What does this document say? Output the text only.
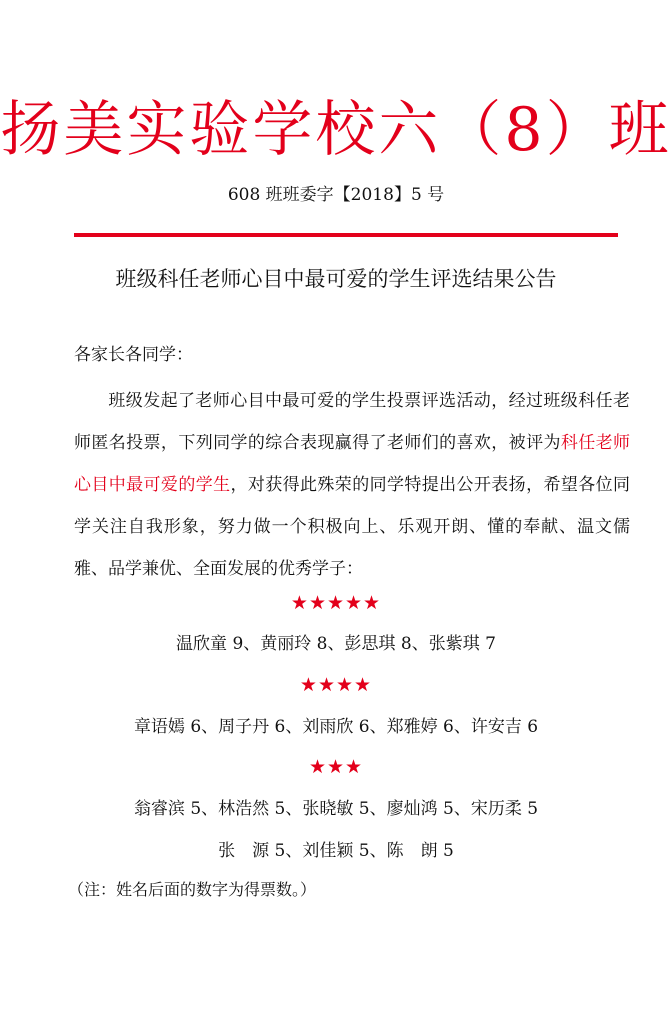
扬美实验学校六（8）班
608 班班委字【2018】5 号
班级科任老师心目中最可爱的学生评选结果公告
各家长各同学：
班级发起了老师心目中最可爱的学生投票评选活动，经过班级科任老师匿名投票，下列同学的综合表现赢得了老师们的喜欢，被评为科任老师心目中最可爱的学生，对获得此殊荣的同学特提出公开表扬，希望各位同学关注自我形象，努力做一个积极向上、乐观开朗、懂的奉献、温文儒雅、品学兼优、全面发展的优秀学子：
★★★★★
温欣童 9、黄丽玲 8、彭思琪 8、张紫琪 7
★★★★
章语嫣 6、周子丹 6、刘雨欣 6、郑雅婷 6、许安吉 6
★★★
翁睿滨 5、林浩然 5、张晓敏 5、廖灿鸿 5、宋历柔 5
张　源 5、刘佳颖 5、陈　朗 5
（注：姓名后面的数字为得票数。）
